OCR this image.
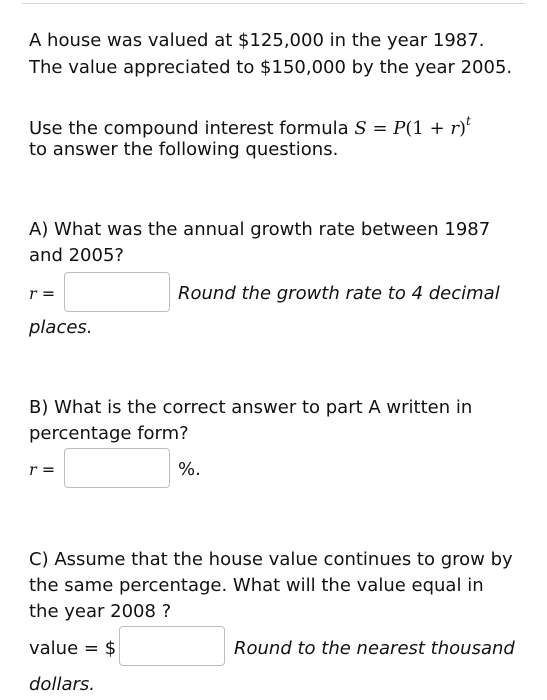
A house was valued at $125,000 in the year 1987.
The value appreciated to $150,000 by the year 2005.
Use the compound interest formula $S = P(1 + r)^t$
to answer the following questions.
A) What was the annual growth rate between 1987
and 2005?
r =	Round the growth rate to 4 decimal
places.
B) What is the correct answer to part A written in
percentage form?
r =	%.
C) Assume that the house value continues to grow by
the same percentage. What will the value equal in
the year 2008 ?
value = $	Round to the nearest thousand
dollars.
